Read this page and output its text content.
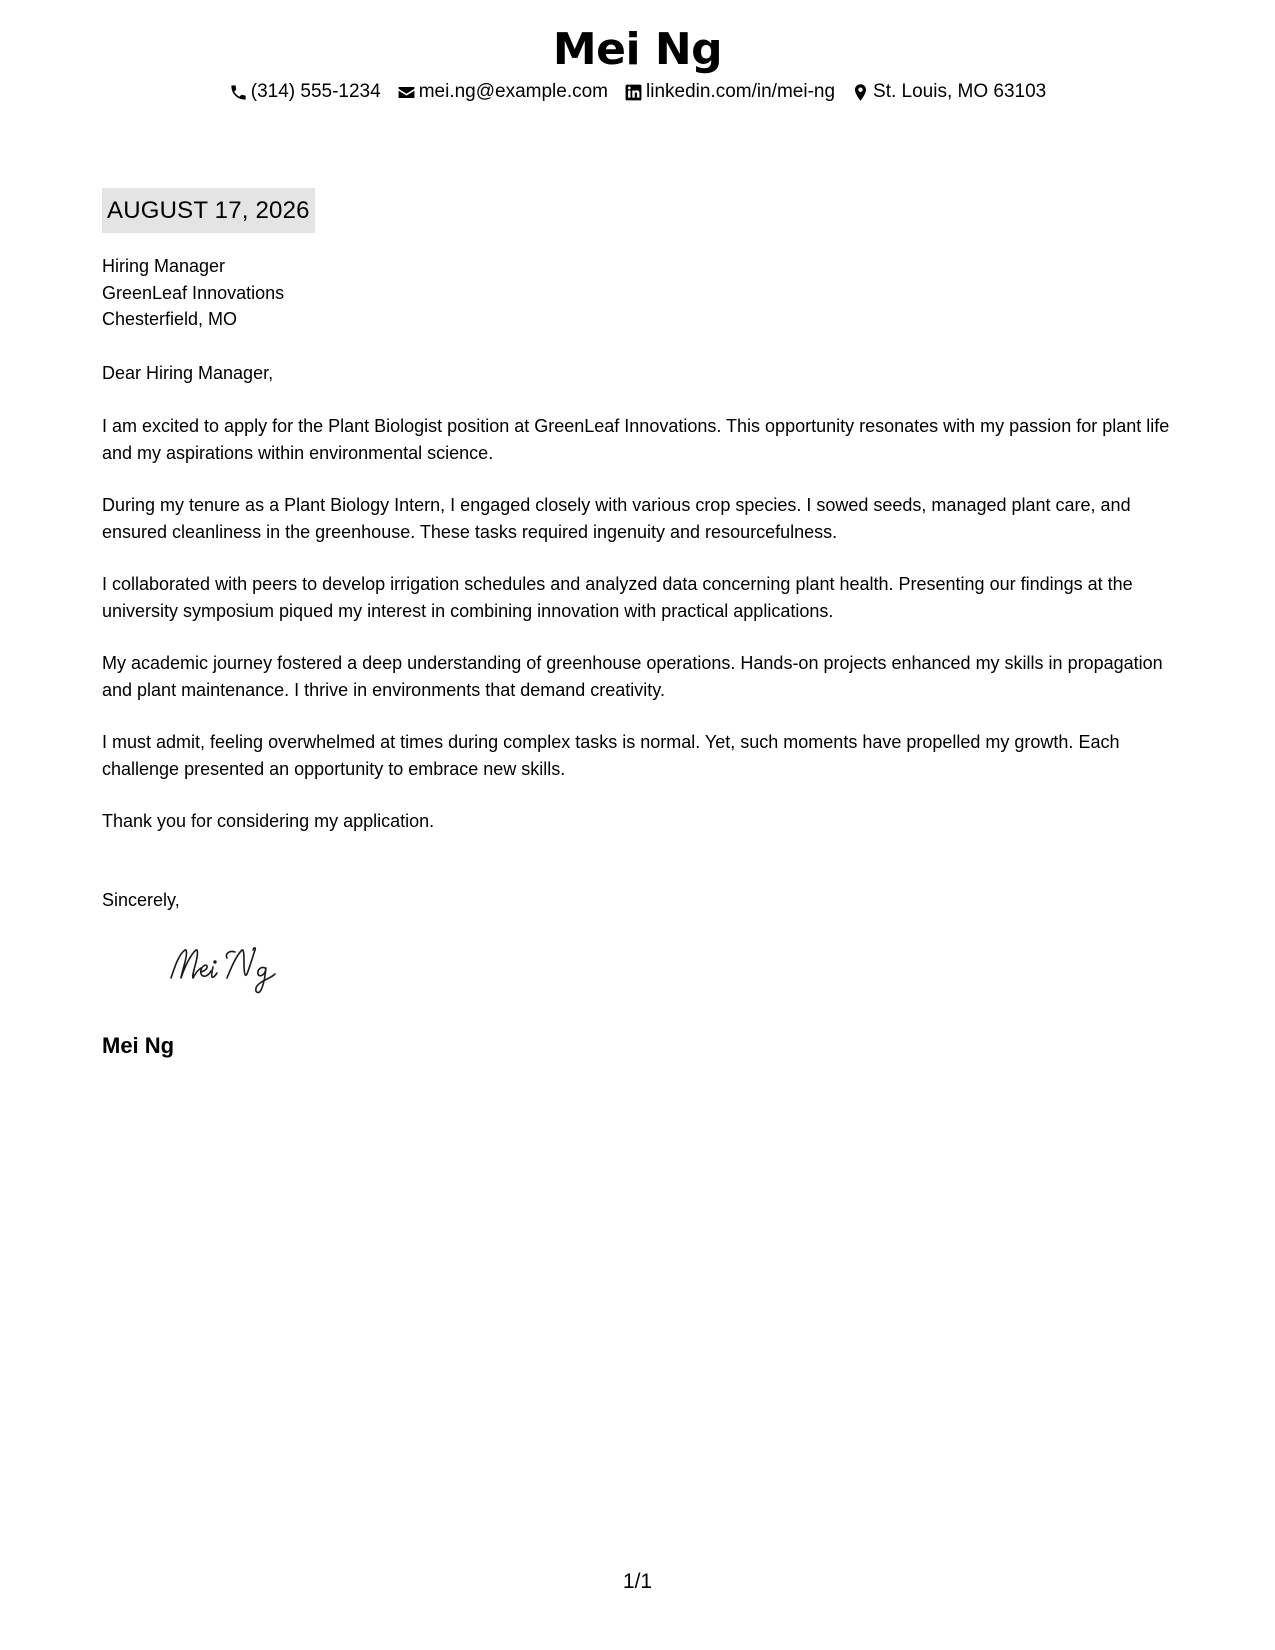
Mei Ng
(314) 555-1234 mei.ng@example.com linkedin.com/in/mei-ng St. Louis, MO 63103
AUGUST 17, 2026
Hiring Manager
GreenLeaf Innovations
Chesterfield, MO
Dear Hiring Manager,
I am excited to apply for the Plant Biologist position at GreenLeaf Innovations. This opportunity resonates with my passion for plant life and my aspirations within environmental science.
During my tenure as a Plant Biology Intern, I engaged closely with various crop species. I sowed seeds, managed plant care, and ensured cleanliness in the greenhouse. These tasks required ingenuity and resourcefulness.
I collaborated with peers to develop irrigation schedules and analyzed data concerning plant health. Presenting our findings at the university symposium piqued my interest in combining innovation with practical applications.
My academic journey fostered a deep understanding of greenhouse operations. Hands-on projects enhanced my skills in propagation and plant maintenance. I thrive in environments that demand creativity.
I must admit, feeling overwhelmed at times during complex tasks is normal. Yet, such moments have propelled my growth. Each challenge presented an opportunity to embrace new skills.
Thank you for considering my application.
Sincerely,
Mei Ng
1/1
